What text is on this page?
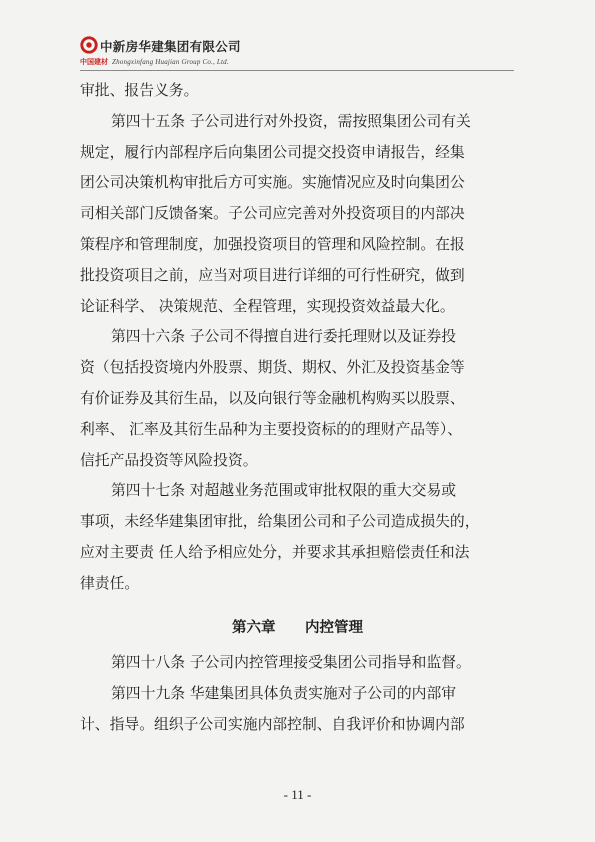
中新房华建集团有限公司
中国建材 Zhongxinfang Huajian Group Co., Ltd.
审批、报告义务。
第四十五条 子公司进行对外投资，需按照集团公司有关
规定，履行内部程序后向集团公司提交投资申请报告，经集
团公司决策机构审批后方可实施。实施情况应及时向集团公
司相关部门反馈备案。子公司应完善对外投资项目的内部决
策程序和管理制度，加强投资项目的管理和风险控制。在报
批投资项目之前，应当对项目进行详细的可行性研究，做到
论证科学、 决策规范、全程管理，实现投资效益最大化。
第四十六条 子公司不得擅自进行委托理财以及证券投
资（包括投资境内外股票、期货、期权、外汇及投资基金等
有价证券及其衍生品，以及向银行等金融机构购买以股票、
利率、 汇率及其衍生品种为主要投资标的的理财产品等）、
信托产品投资等风险投资。
第四十七条 对超越业务范围或审批权限的重大交易或
事项，未经华建集团审批，给集团公司和子公司造成损失的，
应对主要责 任人给予相应处分，并要求其承担赔偿责任和法
律责任。
第六章　 内控管理
第四十八条 子公司内控管理接受集团公司指导和监督。
第四十九条 华建集团具体负责实施对子公司的内部审
计、指导。组织子公司实施内部控制、自我评价和协调内部
- 11 -
